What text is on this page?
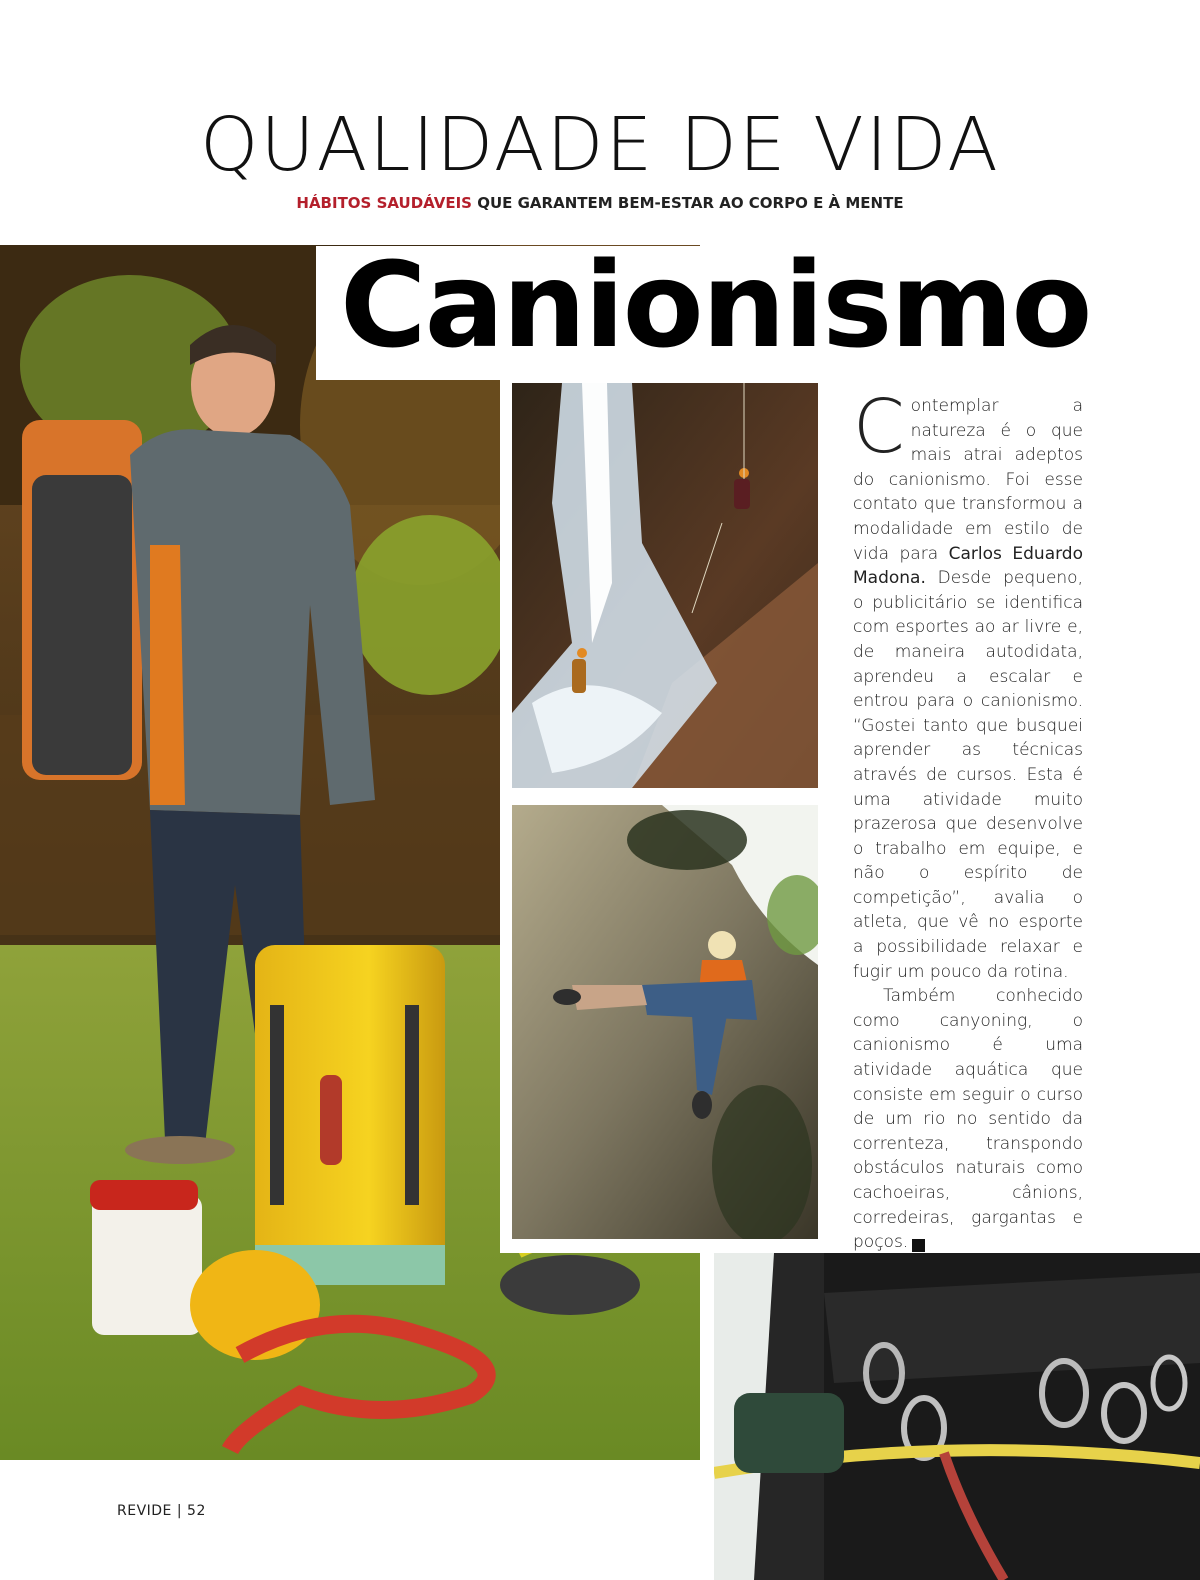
QUALIDADE DE VIDA
HÁBITOS SAUDÁVEIS QUE GARANTEM BEM-ESTAR AO CORPO E À MENTE
Canionismo

Contemplar a natureza é o que mais atrai adeptos do canionismo. Foi esse contato que transformou a modalidade em estilo de vida para Carlos Eduardo Madona. Desde pequeno, o publicitário se identifica com esportes ao ar livre e, de maneira autodidata, aprendeu a escalar e entrou para o canionismo. “Gostei tanto que busquei aprender as técnicas através de cursos. Esta é uma atividade muito prazerosa que desenvolve o trabalho em equipe, e não o espírito de competição”, avalia o atleta, que vê no esporte a possibilidade relaxar e fugir um pouco da rotina.

Também conhecido como canyoning, o canionismo é uma atividade aquática que consiste em seguir o curso de um rio no sentido da correnteza, transpondo obstáculos naturais como cachoeiras, cânions, corredeiras, gargantas e poços.	r

REVIDE | 52
